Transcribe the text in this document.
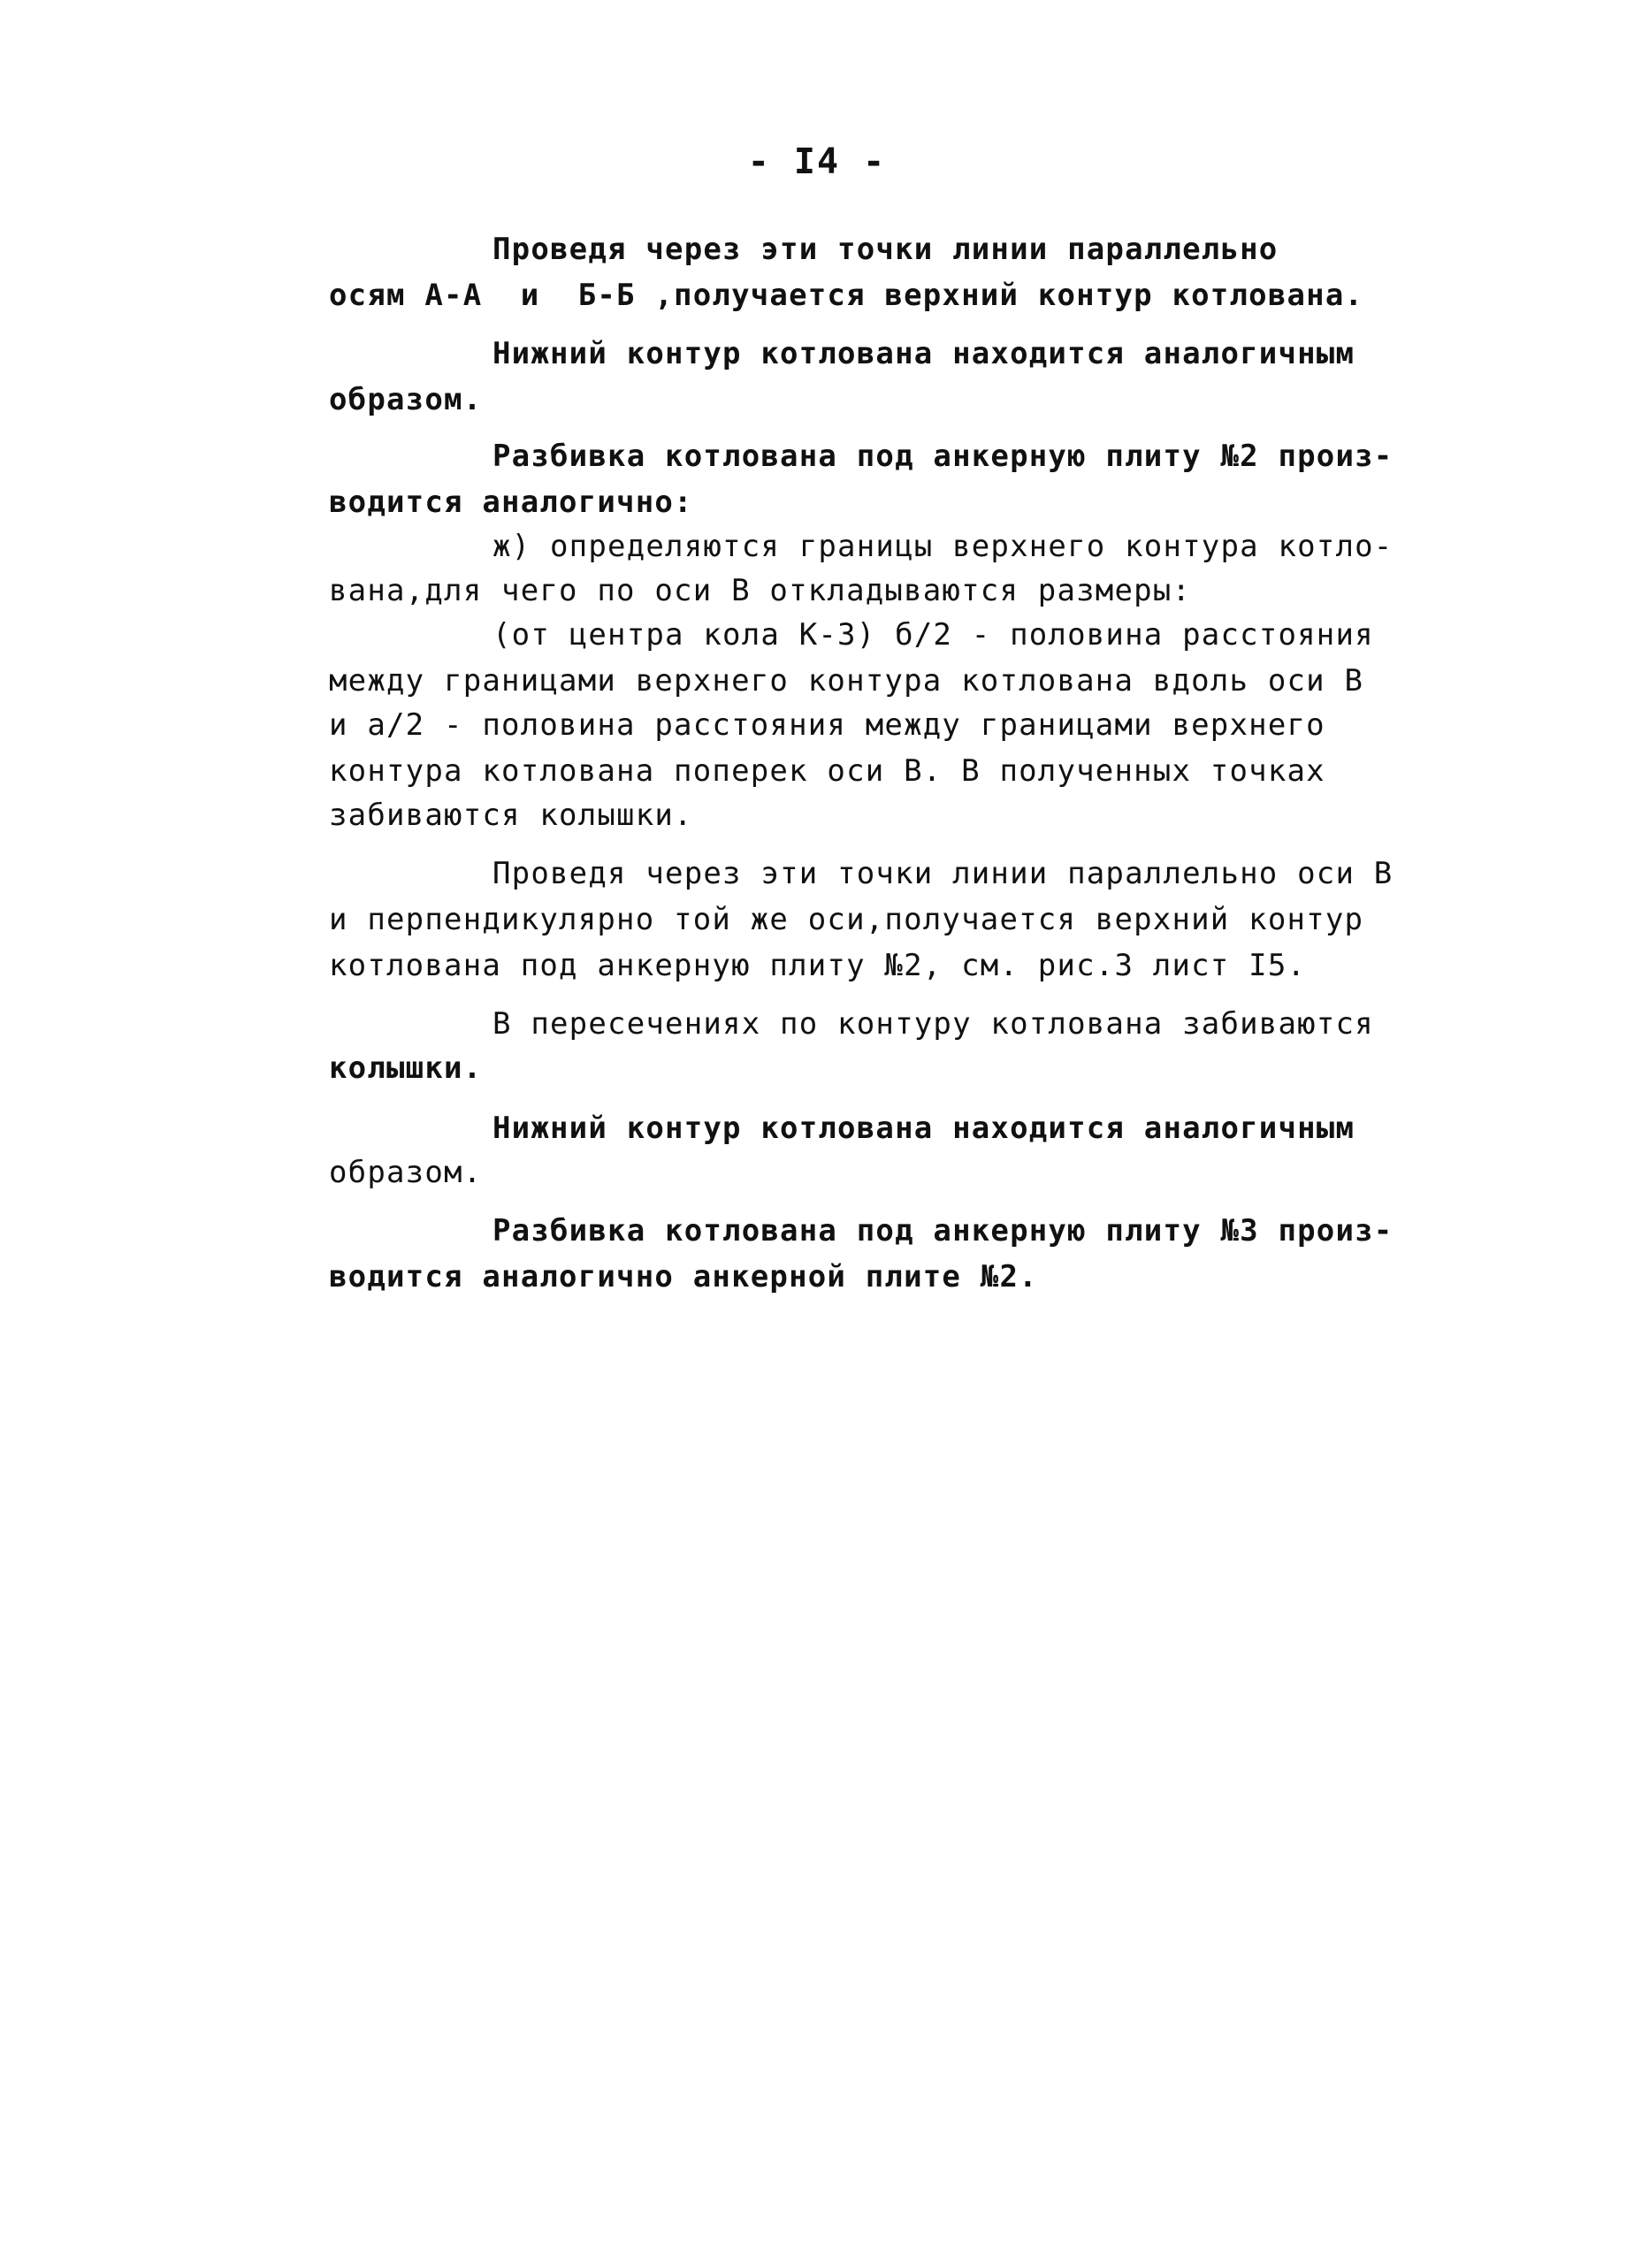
- I4 -
Проведя через эти точки линии параллельно
осям А-А  и  Б-Б ,получается верхний контур котлована.
Нижний контур котлована находится аналогичным
образом.
Разбивка котлована под анкерную плиту №2 произ-
водится аналогично:
ж) определяются границы верхнего контура котло-
вана,для чего по оси В откладываются размеры:
(от центра кола К-3) б/2 - половина расстояния
между границами верхнего контура котлована вдоль оси В
и а/2 - половина расстояния между границами верхнего
контура котлована поперек оси В. В полученных точках
забиваются колышки.
Проведя через эти точки линии параллельно оси В
и перпендикулярно той же оси,получается верхний контур
котлована под анкерную плиту №2, см. рис.3 лист I5.
В пересечениях по контуру котлована забиваются
колышки.
Нижний контур котлована находится аналогичным
образом.
Разбивка котлована под анкерную плиту №3 произ-
водится аналогично анкерной плите №2.
